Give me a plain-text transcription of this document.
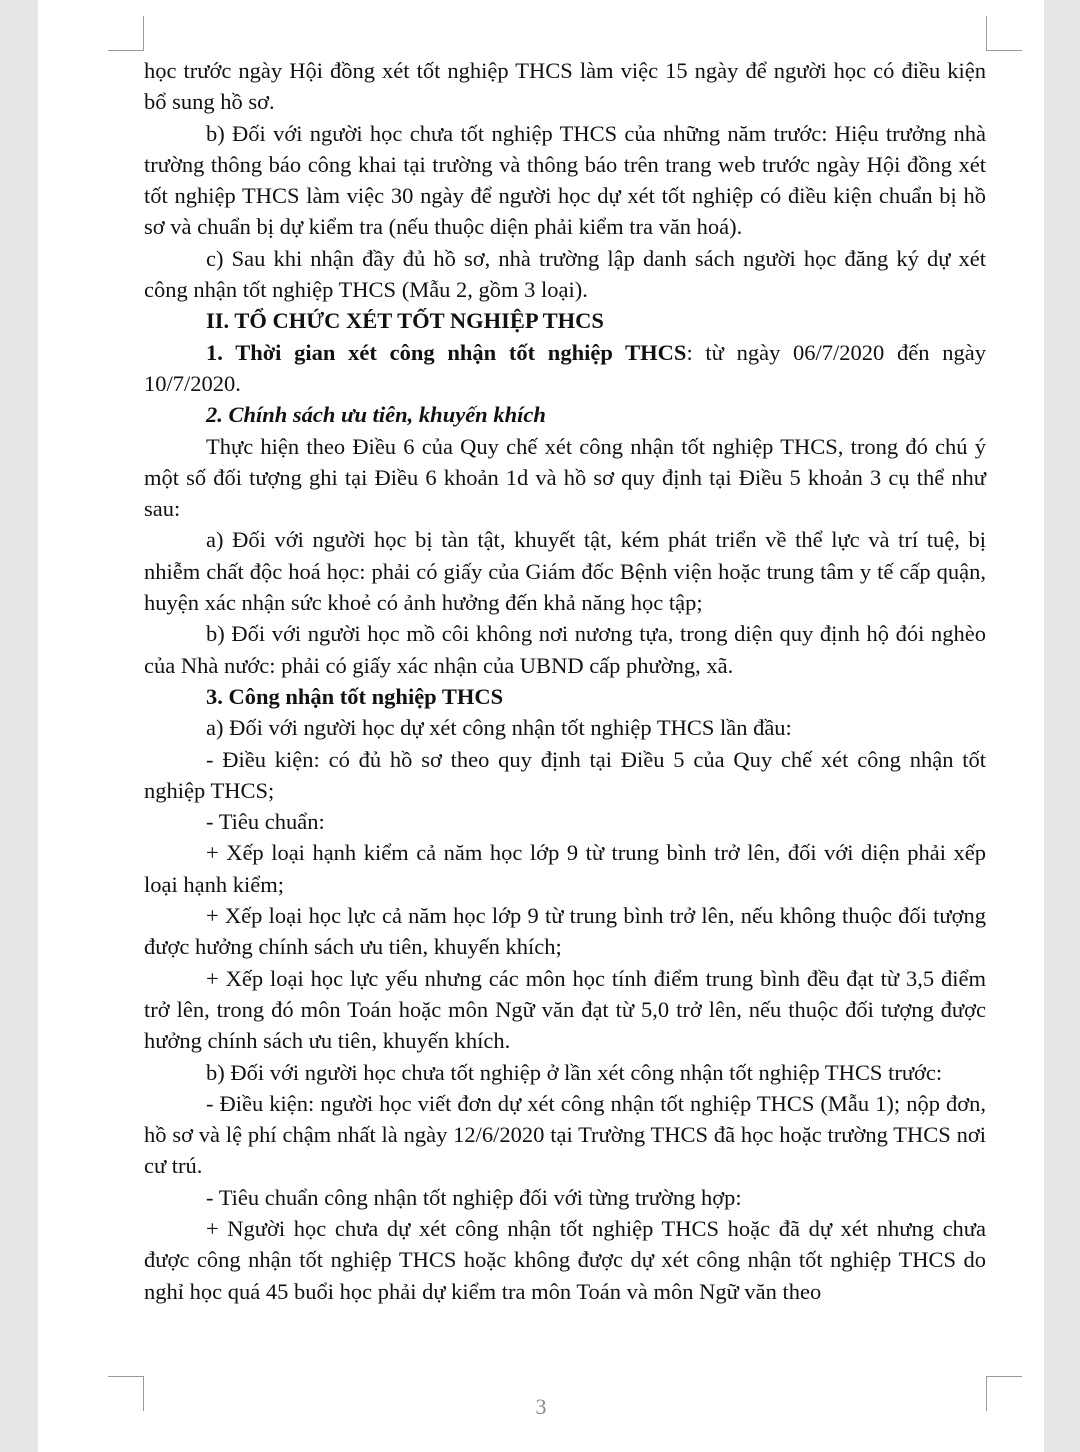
học trước ngày Hội đồng xét tốt nghiệp THCS làm việc 15 ngày để người học có điều kiện bổ sung hồ sơ.

b) Đối với người học chưa tốt nghiệp THCS của những năm trước: Hiệu trưởng nhà trường thông báo công khai tại trường và thông báo trên trang web trước ngày Hội đồng xét tốt nghiệp THCS làm việc 30 ngày để người học dự xét tốt nghiệp có điều kiện chuẩn bị hồ sơ và chuẩn bị dự kiểm tra (nếu thuộc diện phải kiểm tra văn hoá).

c) Sau khi nhận đầy đủ hồ sơ, nhà trường lập danh sách người học đăng ký dự xét công nhận tốt nghiệp THCS (Mẫu 2, gồm 3 loại).

II. TỔ CHỨC XÉT TỐT NGHIỆP THCS

1. Thời gian xét công nhận tốt nghiệp THCS: từ ngày 06/7/2020 đến ngày 10/7/2020.

2. Chính sách ưu tiên, khuyến khích

Thực hiện theo Điều 6 của Quy chế xét công nhận tốt nghiệp THCS, trong đó chú ý một số đối tượng ghi tại Điều 6 khoản 1d và hồ sơ quy định tại Điều 5 khoản 3 cụ thể như sau:

a) Đối với người học bị tàn tật, khuyết tật, kém phát triển về thể lực và trí tuệ, bị nhiễm chất độc hoá học: phải có giấy của Giám đốc Bệnh viện hoặc trung tâm y tế cấp quận, huyện xác nhận sức khoẻ có ảnh hưởng đến khả năng học tập;

b) Đối với người học mồ côi không nơi nương tựa, trong diện quy định hộ đói nghèo của Nhà nước: phải có giấy xác nhận của UBND cấp phường, xã.

3. Công nhận tốt nghiệp THCS

a) Đối với người học dự xét công nhận tốt nghiệp THCS lần đầu:

- Điều kiện: có đủ hồ sơ theo quy định tại Điều 5 của Quy chế xét công nhận tốt nghiệp THCS;

- Tiêu chuẩn:

+ Xếp loại hạnh kiểm cả năm học lớp 9 từ trung bình trở lên, đối với diện phải xếp loại hạnh kiểm;

+ Xếp loại học lực cả năm học lớp 9 từ trung bình trở lên, nếu không thuộc đối tượng được hưởng chính sách ưu tiên, khuyến khích;

+ Xếp loại học lực yếu nhưng các môn học tính điểm trung bình đều đạt từ 3,5 điểm trở lên, trong đó môn Toán hoặc môn Ngữ văn đạt từ 5,0 trở lên, nếu thuộc đối tượng được hưởng chính sách ưu tiên, khuyến khích.

b) Đối với người học chưa tốt nghiệp ở lần xét công nhận tốt nghiệp THCS trước:

- Điều kiện: người học viết đơn dự xét công nhận tốt nghiệp THCS (Mẫu 1); nộp đơn, hồ sơ và lệ phí chậm nhất là ngày 12/6/2020 tại Trường THCS đã học hoặc trường THCS nơi cư trú.

- Tiêu chuẩn công nhận tốt nghiệp đối với từng trường hợp:

+ Người học chưa dự xét công nhận tốt nghiệp THCS hoặc đã dự xét nhưng chưa được công nhận tốt nghiệp THCS hoặc không được dự xét công nhận tốt nghiệp THCS do nghỉ học quá 45 buổi học phải dự kiểm tra môn Toán và môn Ngữ văn theo

3
